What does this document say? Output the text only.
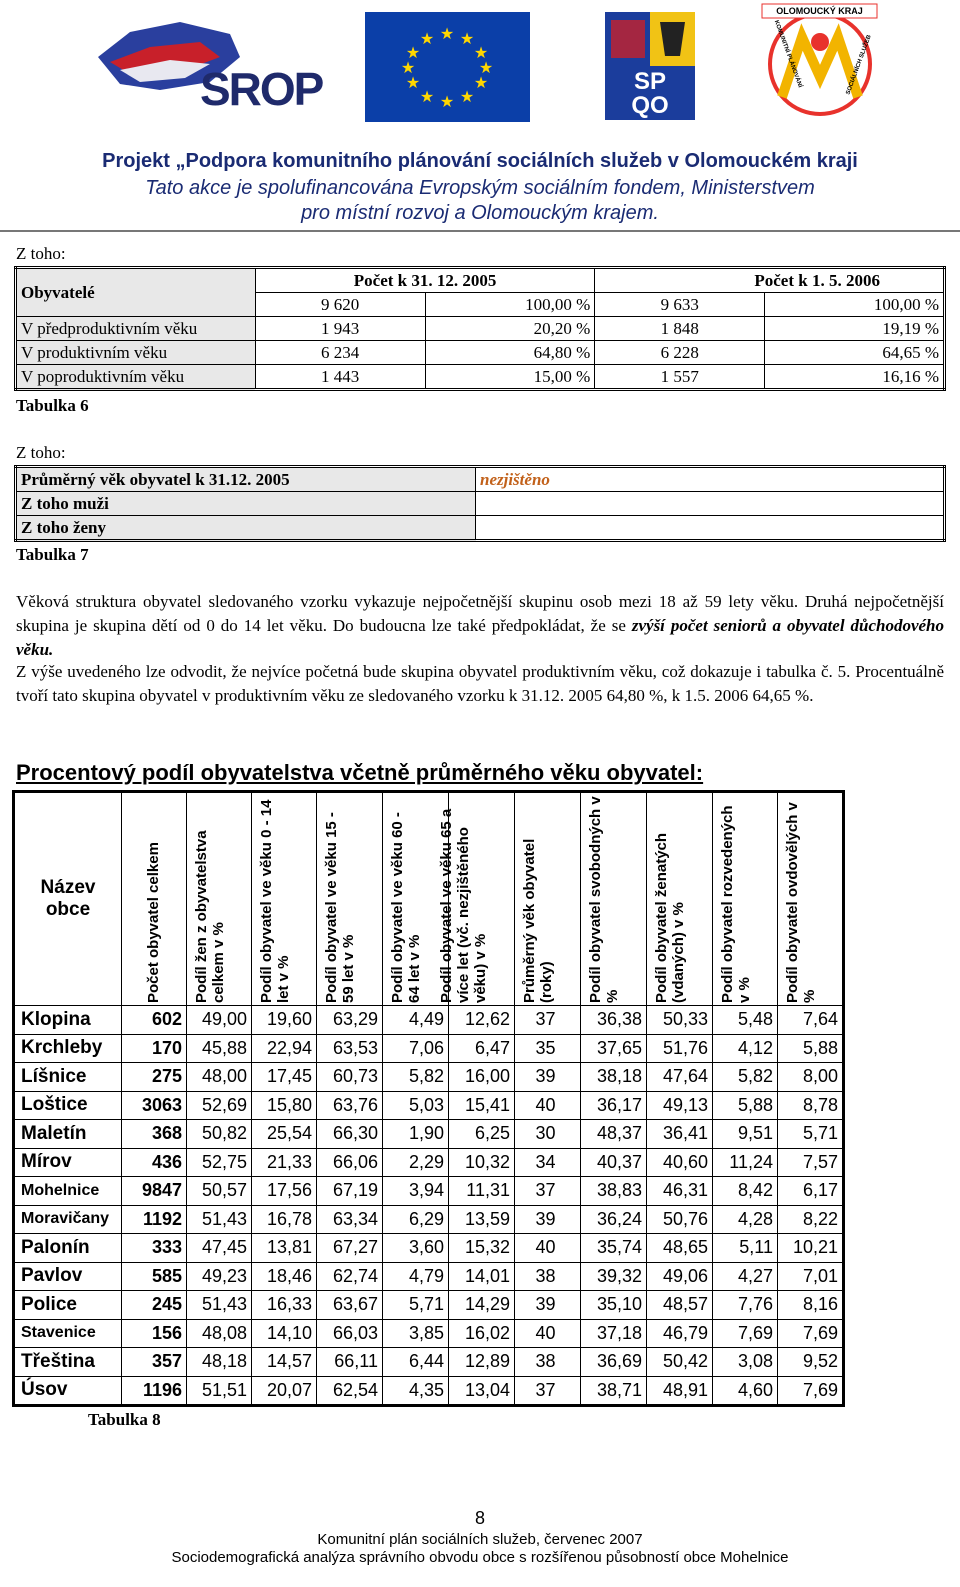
SROP
★ ★
★
★
★
★
★
★
★
★
★
★
SP
QO
OLOMOUCKÝ KRAJ
KOMUNITNÍ PLÁNOVÁNÍ	SOCIÁLNÍCH SLUŽEB
Projekt „Podpora komunitního plánování sociálních služeb v Olomouckém kraji
Tato akce je spolufinancována Evropským sociálním fondem, Ministerstvem pro místní rozvoj a Olomouckým krajem.
Z toho:
Obyvatelé	Počet k 31. 12. 2005		Počet k 1. 5. 2006	
	9 620	100,00 %	9 633	100,00 %
V předproduktivním věku	1 943	20,20 %	1 848	19,19 %
V produktivním věku	6 234	64,80 %	6 228	64,65 %
V poproduktivním věku	1 443	15,00 %	1 557	16,16 %
Tabulka 6
Z toho:
Průměrný věk obyvatel k 31.12. 2005	nezjištěno
Z toho muži	
Z toho ženy	
Tabulka 7
Věková struktura obyvatel sledovaného vzorku vykazuje nejpočetnější skupinu osob mezi 18 až 59 lety věku. Druhá nejpočetnější skupina je skupina dětí od 0 do 14 let věku. Do budoucna lze také předpokládat, že se zvýší počet seniorů a obyvatel důchodového věku.
Z výše uvedeného lze odvodit, že nejvíce početná bude skupina obyvatel produktivním věku, což dokazuje i tabulka č. 5. Procentuálně tvoří tato skupina obyvatel v produktivním věku ze sledovaného vzorku k 31.12. 2005 64,80 %, k 1.5. 2006 64,65 %.
Procentový podíl obyvatelstva včetně průměrného věku obyvatel:
Název obce	Počet obyvatel celkem	Podíl žen z obyvatelstva celkem v %	Podíl obyvatel ve věku 0 - 14 let v %	Podíl obyvatel ve věku 15 - 59 let v %	Podíl obyvatel ve věku 60 - 64 let v %	Podíl obyvatel ve věku 65 a více let (vč. nezjištěného věku) v %	Průměrný věk obyvatel (roky)	Podíl obyvatel svobodných v %	Podíl obyvatel ženatých (vdaných) v %	Podíl obyvatel rozvedených v %	Podíl obyvatel ovdovělých v %

Klopina	602	49,00	19,60	63,29	4,49	12,62	37	36,38	50,33	5,48	7,64
Krchleby	170	45,88	22,94	63,53	7,06	6,47	35	37,65	51,76	4,12	5,88
Líšnice	275	48,00	17,45	60,73	5,82	16,00	39	38,18	47,64	5,82	8,00
Loštice	3063	52,69	15,80	63,76	5,03	15,41	40	36,17	49,13	5,88	8,78
Maletín	368	50,82	25,54	66,30	1,90	6,25	30	48,37	36,41	9,51	5,71
Mírov	436	52,75	21,33	66,06	2,29	10,32	34	40,37	40,60	11,24	7,57
Mohelnice	9847	50,57	17,56	67,19	3,94	11,31	37	38,83	46,31	8,42	6,17
Moravičany	1192	51,43	16,78	63,34	6,29	13,59	39	36,24	50,76	4,28	8,22
Palonín	333	47,45	13,81	67,27	3,60	15,32	40	35,74	48,65	5,11	10,21
Pavlov	585	49,23	18,46	62,74	4,79	14,01	38	39,32	49,06	4,27	7,01
Police	245	51,43	16,33	63,67	5,71	14,29	39	35,10	48,57	7,76	8,16
Stavenice	156	48,08	14,10	66,03	3,85	16,02	40	37,18	46,79	7,69	7,69
Třeština	357	48,18	14,57	66,11	6,44	12,89	38	36,69	50,42	3,08	9,52
Úsov	1196	51,51	20,07	62,54	4,35	13,04	37	38,71	48,91	4,60	7,69
Tabulka 8
8
Komunitní plán sociálních služeb, červenec 2007
Sociodemografická analýza správního obvodu obce s rozšířenou působností obce Mohelnice
